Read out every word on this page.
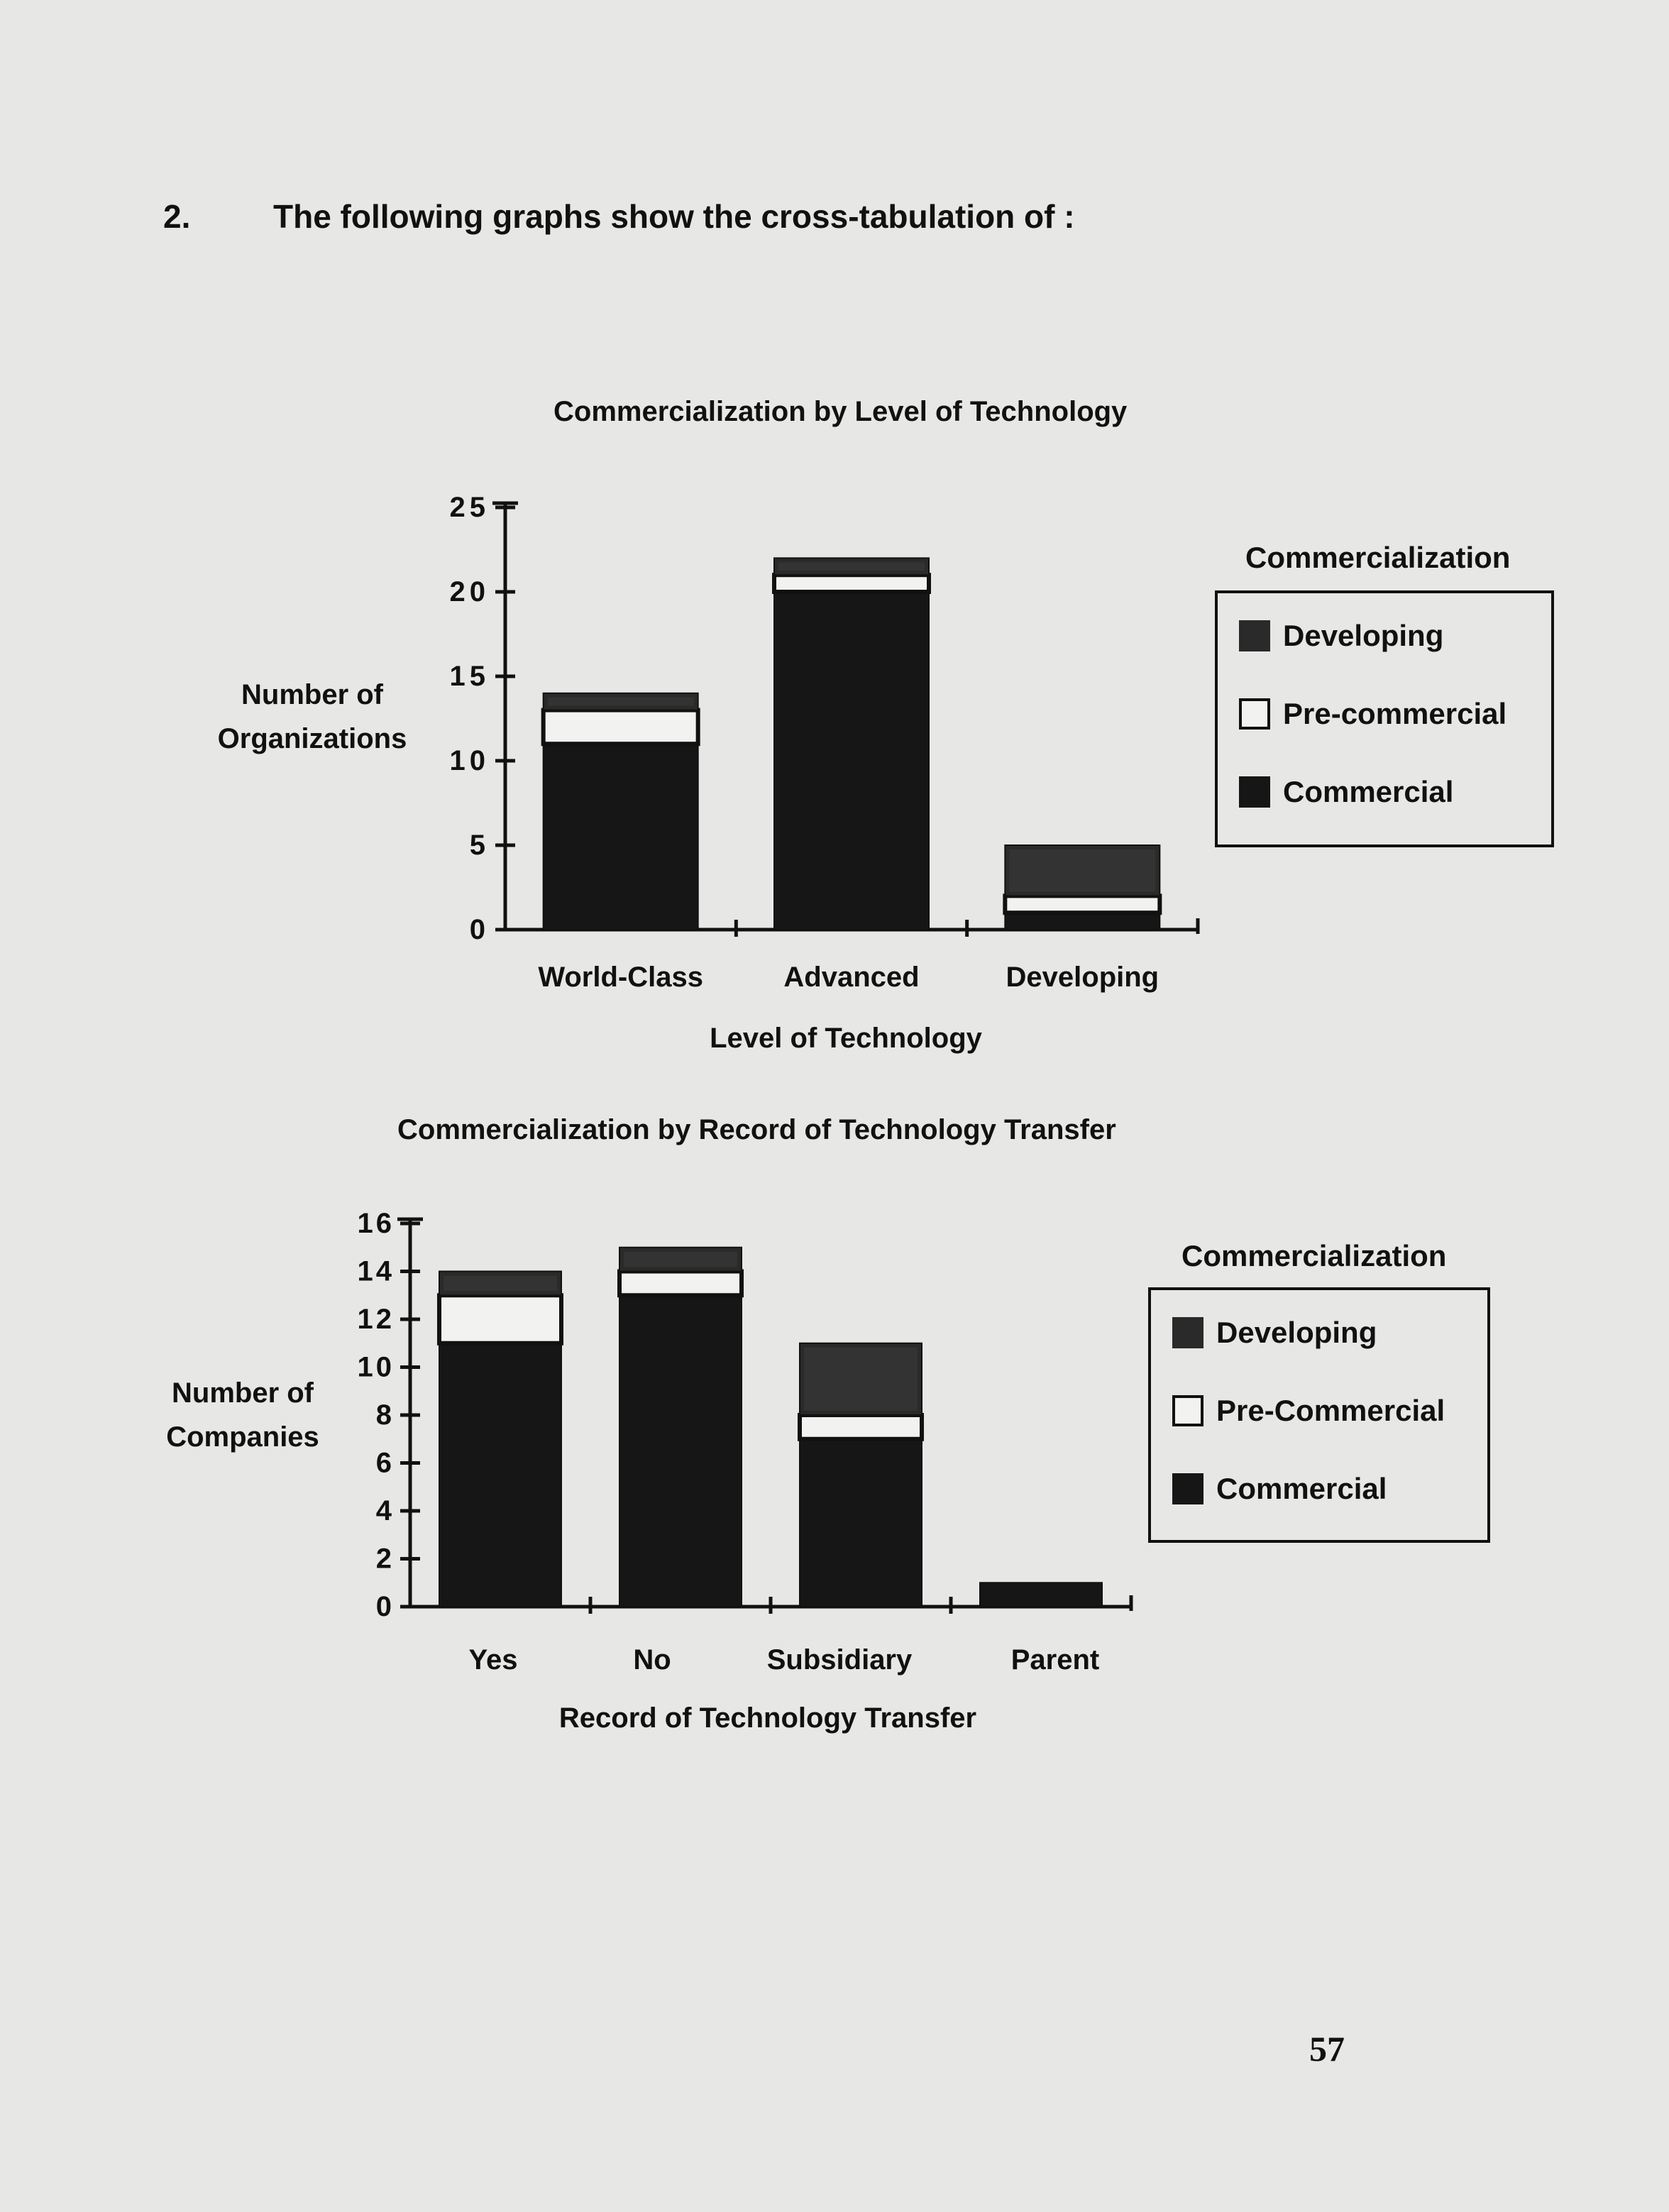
2.	The following graphs show the cross-tabulation of :
Commercialization by Level of Technology
0
5
10
15
20
25
World-Class	Advanced	Developing
Level of Technology
Number of
Organizations
Commercialization
Developing
Pre-commercial
Commercial
Commercialization by Record of Technology Transfer
0
2
4
6
8
10
12
14
16
Yes	No	Subsidiary	Parent
Record of Technology Transfer
Number of
Companies
Commercialization
Developing
Pre-Commercial
Commercial
57
